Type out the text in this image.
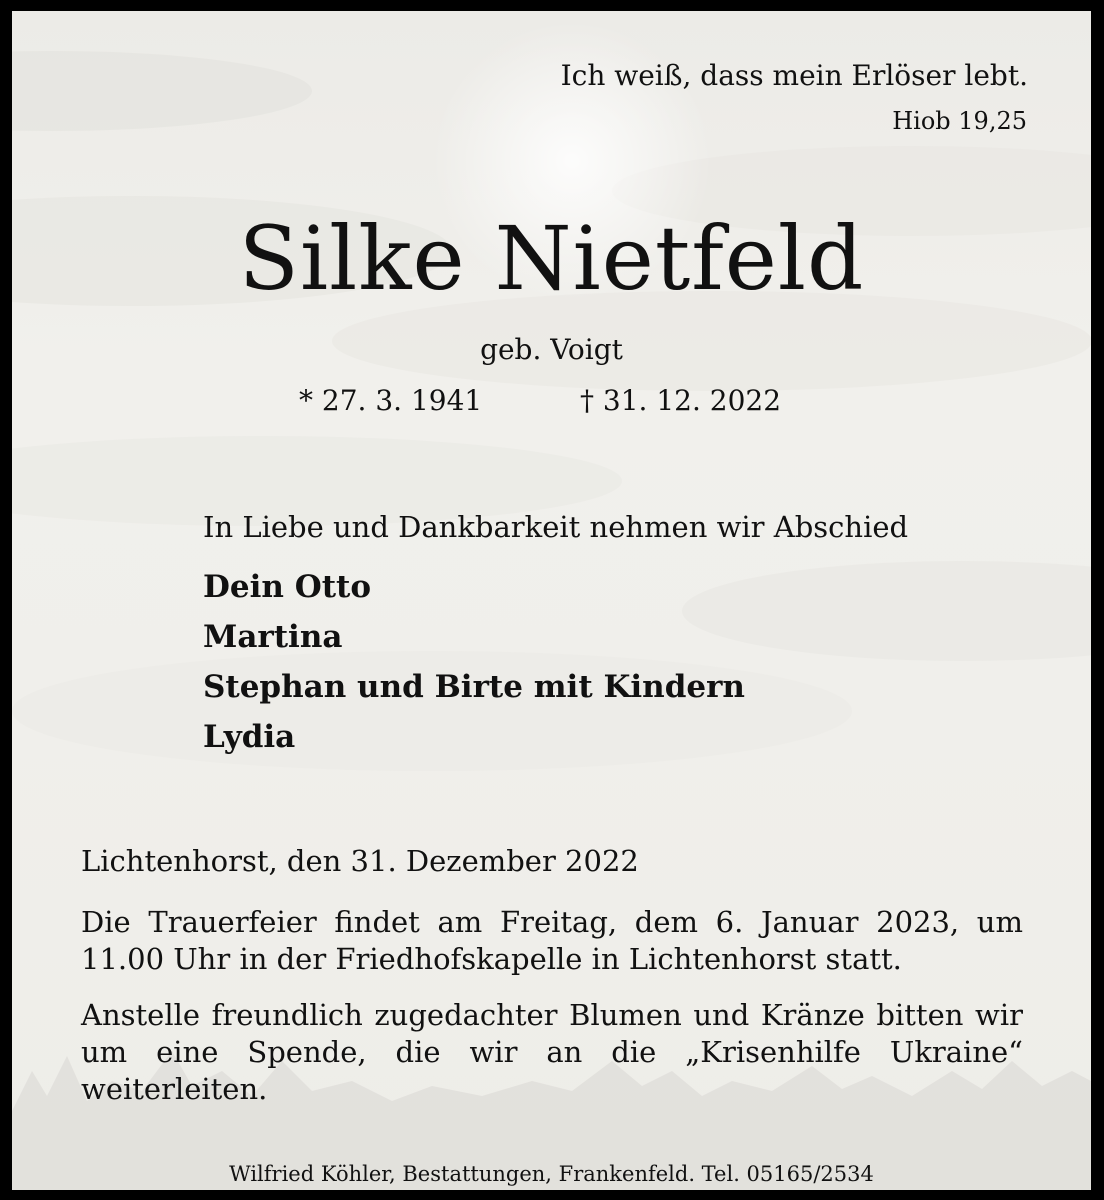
Ich weiß, dass mein Erlöser lebt.
Hiob 19,25
Silke Nietfeld
geb. Voigt
* 27. 3. 1941	† 31. 12. 2022
In Liebe und Dankbarkeit nehmen wir Abschied
Dein Otto
Martina
Stephan und Birte mit Kindern
Lydia
Lichtenhorst, den 31. Dezember 2022
Die Trauerfeier findet am Freitag, dem 6. Januar 2023, um 11.00 Uhr in der Friedhofskapelle in Lichtenhorst statt.
Anstelle freundlich zugedachter Blumen und Kränze bitten wir um eine Spende, die wir an die „Krisenhilfe Ukraine“ weiterleiten.
Wilfried Köhler, Bestattungen, Frankenfeld. Tel. 05165/2534
